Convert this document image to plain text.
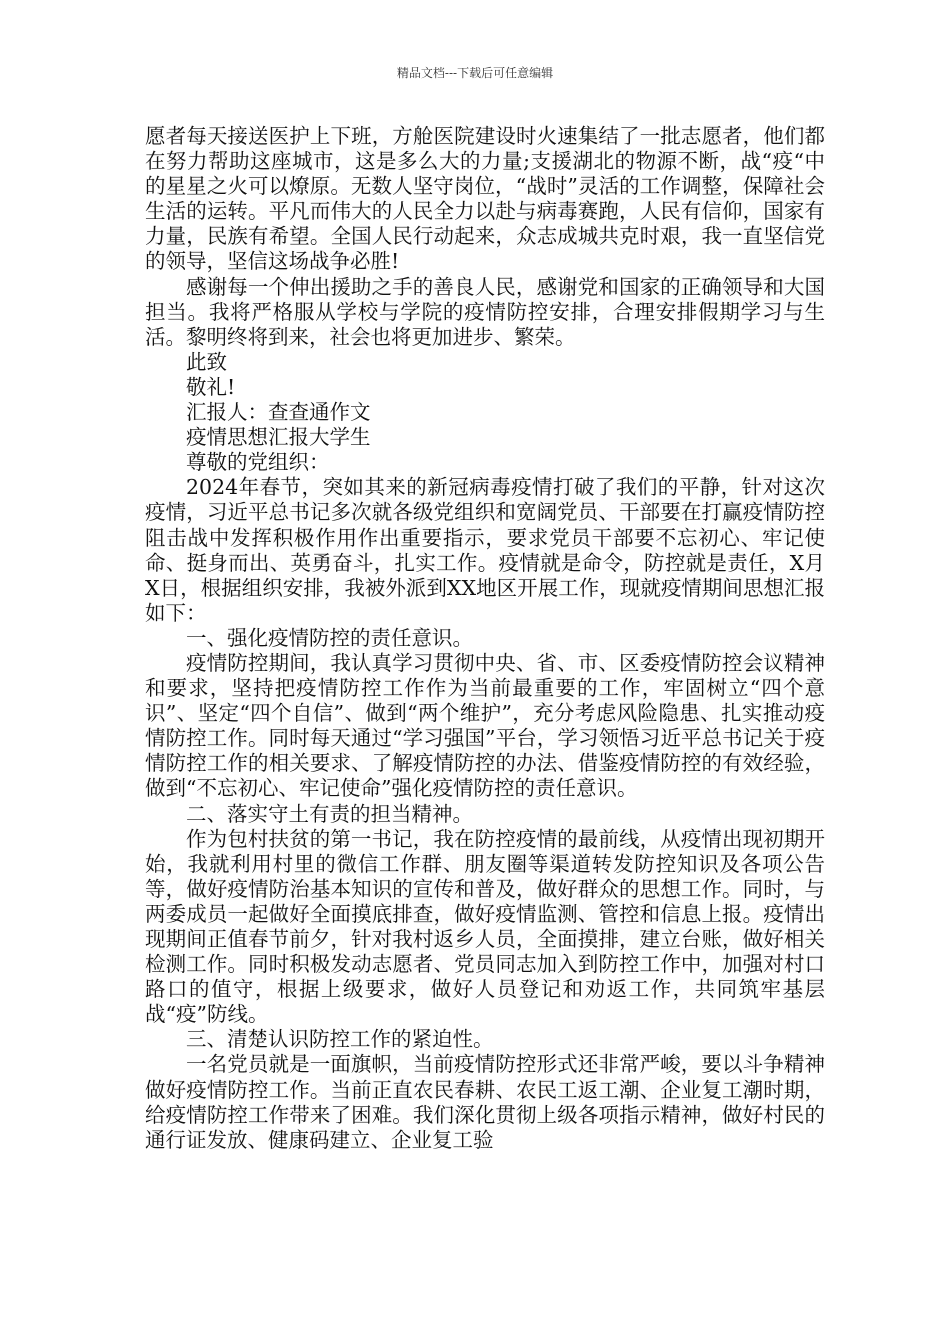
精品文档---下载后可任意编辑

愿者每天接送医护上下班，方舱医院建设时火速集结了一批志愿者，他们都在努力帮助这座城市，这是多么大的力量;支援湖北的物源不断，战“疫“中的星星之火可以燎原。无数人坚守岗位，“战时”灵活的工作调整，保障社会生活的运转。平凡而伟大的人民全力以赴与病毒赛跑，人民有信仰，国家有力量，民族有希望。全国人民行动起来，众志成城共克时艰，我一直坚信党的领导，坚信这场战争必胜!

感谢每一个伸出援助之手的善良人民，感谢党和国家的正确领导和大国担当。我将严格服从学校与学院的疫情防控安排，合理安排假期学习与生活。黎明终将到来，社会也将更加进步、繁荣。

此致

敬礼!

汇报人：查查通作文

疫情思想汇报大学生

尊敬的党组织：

2024年春节，突如其来的新冠病毒疫情打破了我们的平静，针对这次疫情，习近平总书记多次就各级党组织和宽阔党员、干部要在打赢疫情防控阻击战中发挥积极作用作出重要指示，要求党员干部要不忘初心、牢记使命、挺身而出、英勇奋斗，扎实工作。疫情就是命令，防控就是责任，X月X日，根据组织安排，我被外派到XX地区开展工作，现就疫情期间思想汇报如下：

一、强化疫情防控的责任意识。

疫情防控期间，我认真学习贯彻中央、省、市、区委疫情防控会议精神和要求，坚持把疫情防控工作作为当前最重要的工作，牢固树立“四个意识”、坚定“四个自信”、做到“两个维护”，充分考虑风险隐患、扎实推动疫情防控工作。同时每天通过“学习强国”平台，学习领悟习近平总书记关于疫情防控工作的相关要求、了解疫情防控的办法、借鉴疫情防控的有效经验，做到“不忘初心、牢记使命”强化疫情防控的责任意识。

二、落实守土有责的担当精神。

作为包村扶贫的第一书记，我在防控疫情的最前线，从疫情出现初期开始，我就利用村里的微信工作群、朋友圈等渠道转发防控知识及各项公告等，做好疫情防治基本知识的宣传和普及，做好群众的思想工作。同时，与两委成员一起做好全面摸底排查，做好疫情监测、管控和信息上报。疫情出现期间正值春节前夕，针对我村返乡人员，全面摸排，建立台账，做好相关检测工作。同时积极发动志愿者、党员同志加入到防控工作中，加强对村口路口的值守，根据上级要求，做好人员登记和劝返工作，共同筑牢基层战“疫”防线。

三、清楚认识防控工作的紧迫性。

一名党员就是一面旗帜，当前疫情防控形式还非常严峻，要以斗争精神做好疫情防控工作。当前正直农民春耕、农民工返工潮、企业复工潮时期，给疫情防控工作带来了困难。我们深化贯彻上级各项指示精神，做好村民的通行证发放、健康码建立、企业复工验
